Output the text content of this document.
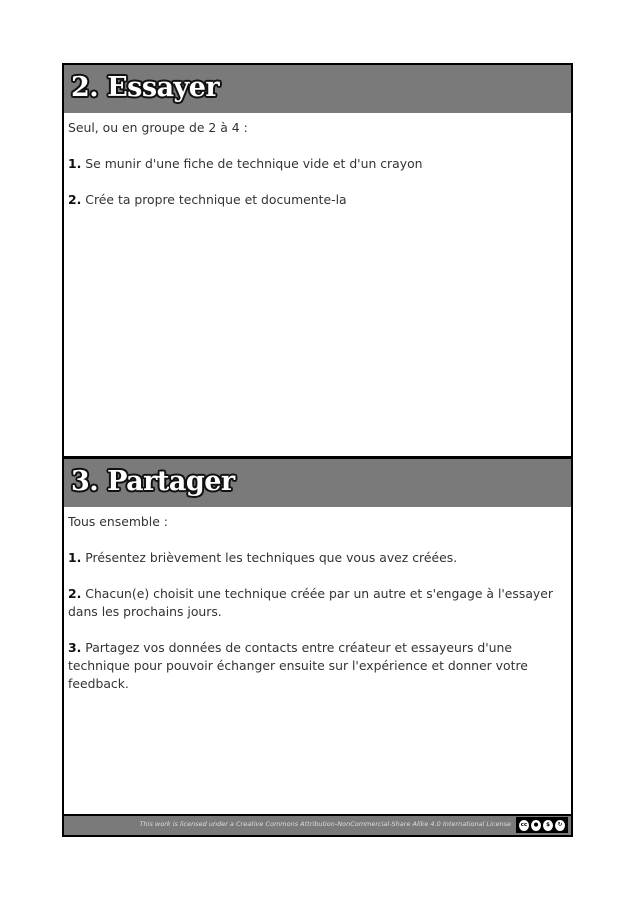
2. Essayer

Seul, ou en groupe de 2 à 4 :

1. Se munir d'une fiche de technique vide et d'un crayon

2. Crée ta propre technique et documente-la

3. Partager

Tous ensemble :

1. Présentez brièvement les techniques que vous avez créées.

2. Chacun(e) choisit une technique créée par un autre et s'engage à l'essayer dans les prochains jours.

3. Partagez vos données de contacts entre créateur et essayeurs d'une technique pour pouvoir échanger ensuite sur l'expérience et donner votre feedback.

This work is licensed under a Creative Commons Attribution-NonCommercial-Share Alike 4.0 International License	cc	●	$	↻
